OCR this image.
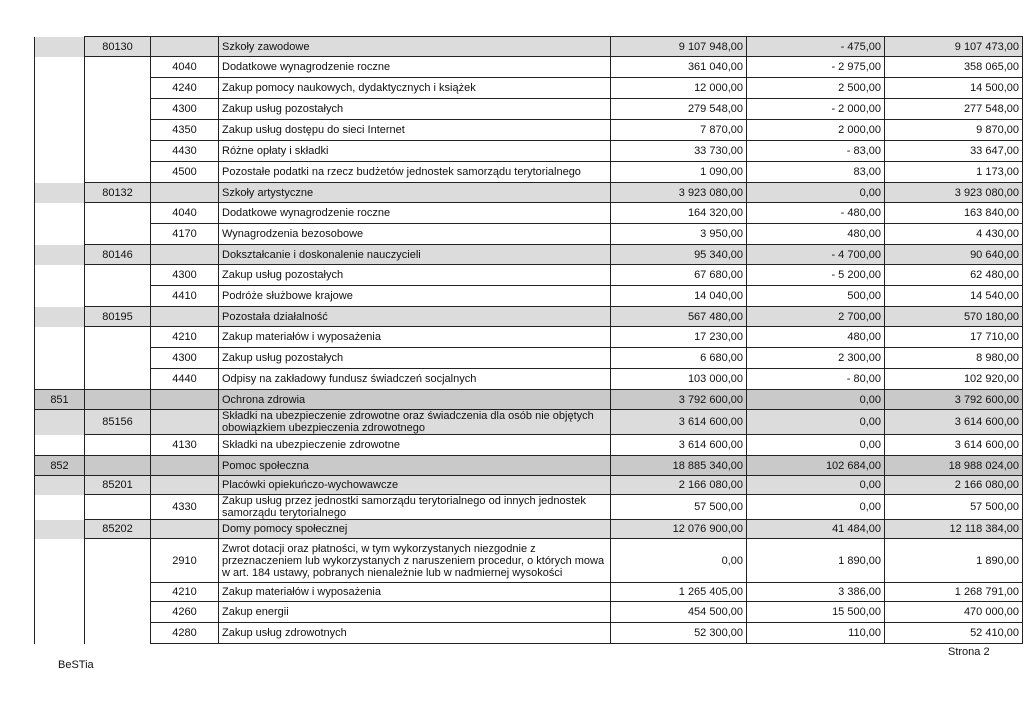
	80130		Szkoły zawodowe	9 107 948,00	- 475,00	9 107 473,00
		4040	Dodatkowe wynagrodzenie roczne	361 040,00	- 2 975,00	358 065,00
		4240	Zakup pomocy naukowych, dydaktycznych i książek	12 000,00	2 500,00	14 500,00
		4300	Zakup usług pozostałych	279 548,00	- 2 000,00	277 548,00
		4350	Zakup usług dostępu do sieci Internet	7 870,00	2 000,00	9 870,00
		4430	Różne opłaty i składki	33 730,00	- 83,00	33 647,00
		4500	Pozostałe podatki na rzecz budżetów jednostek samorządu terytorialnego	1 090,00	83,00	1 173,00
	80132		Szkoły artystyczne	3 923 080,00	0,00	3 923 080,00
		4040	Dodatkowe wynagrodzenie roczne	164 320,00	- 480,00	163 840,00
		4170	Wynagrodzenia bezosobowe	3 950,00	480,00	4 430,00
	80146		Dokształcanie i doskonalenie nauczycieli	95 340,00	- 4 700,00	90 640,00
		4300	Zakup usług pozostałych	67 680,00	- 5 200,00	62 480,00
		4410	Podróże służbowe krajowe	14 040,00	500,00	14 540,00
	80195		Pozostała działalność	567 480,00	2 700,00	570 180,00
		4210	Zakup materiałów i wyposażenia	17 230,00	480,00	17 710,00
		4300	Zakup usług pozostałych	6 680,00	2 300,00	8 980,00
		4440	Odpisy na zakładowy fundusz świadczeń socjalnych	103 000,00	- 80,00	102 920,00
851			Ochrona zdrowia	3 792 600,00	0,00	3 792 600,00
	85156		Składki na ubezpieczenie zdrowotne oraz świadczenia dla osób nie objętych obowiązkiem ubezpieczenia zdrowotnego	3 614 600,00	0,00	3 614 600,00
		4130	Składki na ubezpieczenie zdrowotne	3 614 600,00	0,00	3 614 600,00
852			Pomoc społeczna	18 885 340,00	102 684,00	18 988 024,00
	85201		Placówki opiekuńczo-wychowawcze	2 166 080,00	0,00	2 166 080,00
		4330	Zakup usług przez jednostki samorządu terytorialnego od innych jednostek samorządu terytorialnego	57 500,00	0,00	57 500,00
	85202		Domy pomocy społecznej	12 076 900,00	41 484,00	12 118 384,00
		2910	Zwrot dotacji oraz płatności, w tym wykorzystanych niezgodnie z przeznaczeniem lub wykorzystanych z naruszeniem procedur, o których mowa w art. 184 ustawy, pobranych nienależnie lub w nadmiernej wysokości	0,00	1 890,00	1 890,00
		4210	Zakup materiałów i wyposażenia	1 265 405,00	3 386,00	1 268 791,00
		4260	Zakup energii	454 500,00	15 500,00	470 000,00
		4280	Zakup usług zdrowotnych	52 300,00	110,00	52 410,00
BeSTia
Strona 2
